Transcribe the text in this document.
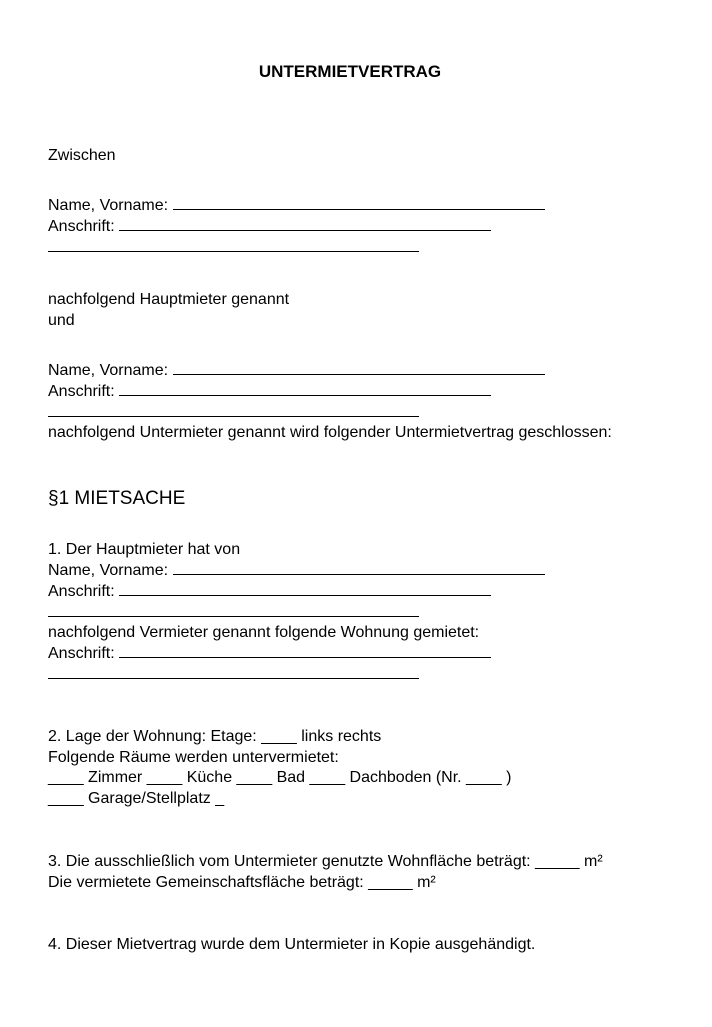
UNTERMIETVERTRAG
Zwischen
Name, Vorname:
Anschrift:
nachfolgend Hauptmieter genannt
und
Name, Vorname:
Anschrift:
nachfolgend Untermieter genannt wird folgender Untermietvertrag geschlossen:
§1 MIETSACHE
1. Der Hauptmieter hat von
Name, Vorname:
Anschrift:
nachfolgend Vermieter genannt folgende Wohnung gemietet:
Anschrift:
2. Lage der Wohnung: Etage: ____ links rechts
Folgende Räume werden untervermietet:
____ Zimmer ____ Küche ____ Bad ____ Dachboden (Nr. ____ )
____ Garage/Stellplatz _
3. Die ausschließlich vom Untermieter genutzte Wohnfläche beträgt: _____ m²
Die vermietete Gemeinschaftsfläche beträgt: _____ m²
4. Dieser Mietvertrag wurde dem Untermieter in Kopie ausgehändigt.
